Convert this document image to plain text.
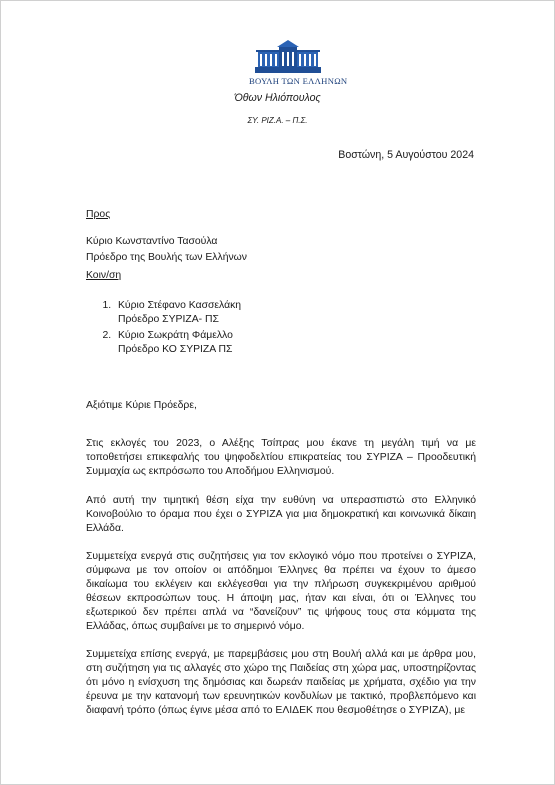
ΒΟΥΛΗ ΤΩΝ ΕΛΛΗΝΩΝ
Όθων Ηλιόπουλος
ΣΥ. ΡΙΖ.Α. – Π.Σ.
Βοστώνη, 5 Αυγούστου 2024
Προς
Κύριο Κωνσταντίνο Τασούλα
Πρόεδρο της Βουλής των Ελλήνων
Κοιν/ση
1. Κύριο Στέφανο Κασσελάκη
Πρόεδρο ΣΥΡΙΖΑ- ΠΣ
2. Κύριο Σωκράτη Φάμελλο
Πρόεδρο ΚΟ ΣΥΡΙΖΑ ΠΣ
Αξιότιμε Κύριε Πρόεδρε,

Στις εκλογές του 2023, ο Αλέξης Τσίπρας μου έκανε τη μεγάλη τιμή να με τοποθετήσει επικεφαλής του ψηφοδελτίου επικρατείας του ΣΥΡΙΖΑ – Προοδευτική Συμμαχία ως εκπρόσωπο του Αποδήμου Ελληνισμού.

Από αυτή την τιμητική θέση είχα την ευθύνη να υπερασπιστώ στο Ελληνικό Κοινοβούλιο το όραμα που έχει ο ΣΥΡΙΖΑ για μια δημοκρατική και κοινωνικά δίκαιη Ελλάδα.

Συμμετείχα ενεργά στις συζητήσεις για τον εκλογικό νόμο που προτείνει ο ΣΥΡΙΖΑ, σύμφωνα με τον οποίον οι απόδημοι Έλληνες θα πρέπει να έχουν το άμεσο δικαίωμα του εκλέγειν και εκλέγεσθαι για την πλήρωση συγκεκριμένου αριθμού θέσεων εκπροσώπων τους. Η άποψη μας, ήταν και είναι, ότι οι Έλληνες του εξωτερικού δεν πρέπει απλά να “δανείζουν” τις ψήφους τους στα κόμματα της Ελλάδας, όπως συμβαίνει με το σημερινό νόμο.

Συμμετείχα επίσης ενεργά, με παρεμβάσεις μου στη Βουλή αλλά και με άρθρα μου, στη συζήτηση για τις αλλαγές στο χώρο της Παιδείας στη χώρα μας, υποστηρίζοντας ότι μόνο η ενίσχυση της δημόσιας και δωρεάν παιδείας με χρήματα, σχέδιο για την έρευνα με την κατανομή των ερευνητικών κονδυλίων με τακτικό, προβλεπόμενο και διαφανή τρόπο (όπως έγινε μέσα από το ΕΛΙΔΕΚ που θεσμοθέτησε ο ΣΥΡΙΖΑ), με
